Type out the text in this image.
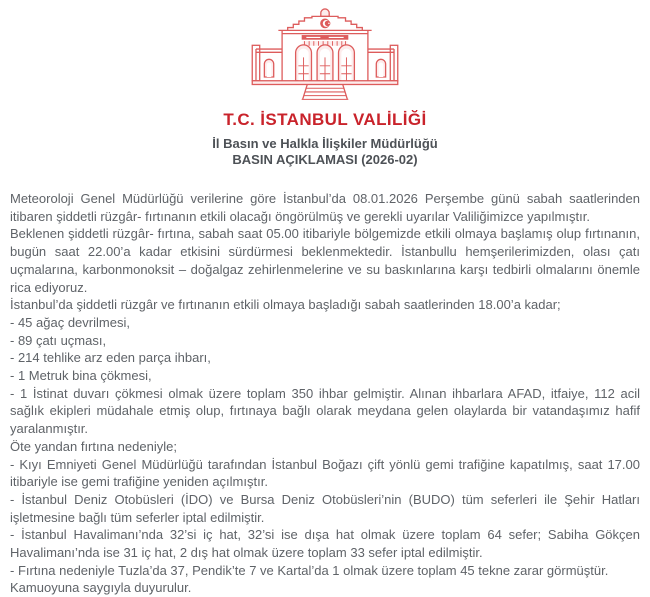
T.C. İSTANBUL VALİLİĞİ
İl Basın ve Halkla İlişkiler Müdürlüğü
BASIN AÇIKLAMASI (2026-02)

Meteoroloji Genel Müdürlüğü verilerine göre İstanbul’da 08.01.2026 Perşembe günü sabah saatlerinden itibaren şiddetli rüzgâr- fırtınanın etkili olacağı öngörülmüş ve gerekli uyarılar Valiliğimizce yapılmıştır.

Beklenen şiddetli rüzgâr- fırtına, sabah saat 05.00 itibariyle bölgemizde etkili olmaya başlamış olup fırtınanın, bugün saat 22.00’a kadar etkisini sürdürmesi beklenmektedir. İstanbullu hemşerilerimizden, olası çatı uçmalarına, karbonmonoksit – doğalgaz zehirlenmelerine ve su baskınlarına karşı tedbirli olmalarını önemle rica ediyoruz.

İstanbul’da şiddetli rüzgâr ve fırtınanın etkili olmaya başladığı sabah saatlerinden 18.00’a kadar;

- 45 ağaç devrilmesi,

- 89 çatı uçması,

- 214 tehlike arz eden parça ihbarı,

- 1 Metruk bina çökmesi,

- 1 İstinat duvarı çökmesi olmak üzere toplam 350 ihbar gelmiştir. Alınan ihbarlara AFAD, itfaiye, 112 acil sağlık ekipleri müdahale etmiş olup, fırtınaya bağlı olarak meydana gelen olaylarda bir vatandaşımız hafif yaralanmıştır.

Öte yandan fırtına nedeniyle;

- Kıyı Emniyeti Genel Müdürlüğü tarafından İstanbul Boğazı çift yönlü gemi trafiğine kapatılmış, saat 17.00 itibariyle ise gemi trafiğine yeniden açılmıştır.

- İstanbul Deniz Otobüsleri (İDO) ve Bursa Deniz Otobüsleri’nin (BUDO) tüm seferleri ile Şehir Hatları işletmesine bağlı tüm seferler iptal edilmiştir.

- İstanbul Havalimanı’nda 32’si iç hat, 32’si ise dışa hat olmak üzere toplam 64 sefer; Sabiha Gökçen Havalimanı’nda ise 31 iç hat, 2 dış hat olmak üzere toplam 33 sefer iptal edilmiştir.

- Fırtına nedeniyle Tuzla’da 37, Pendik’te 7 ve Kartal’da 1 olmak üzere toplam 45 tekne zarar görmüştür.

Kamuoyuna saygıyla duyurulur.
